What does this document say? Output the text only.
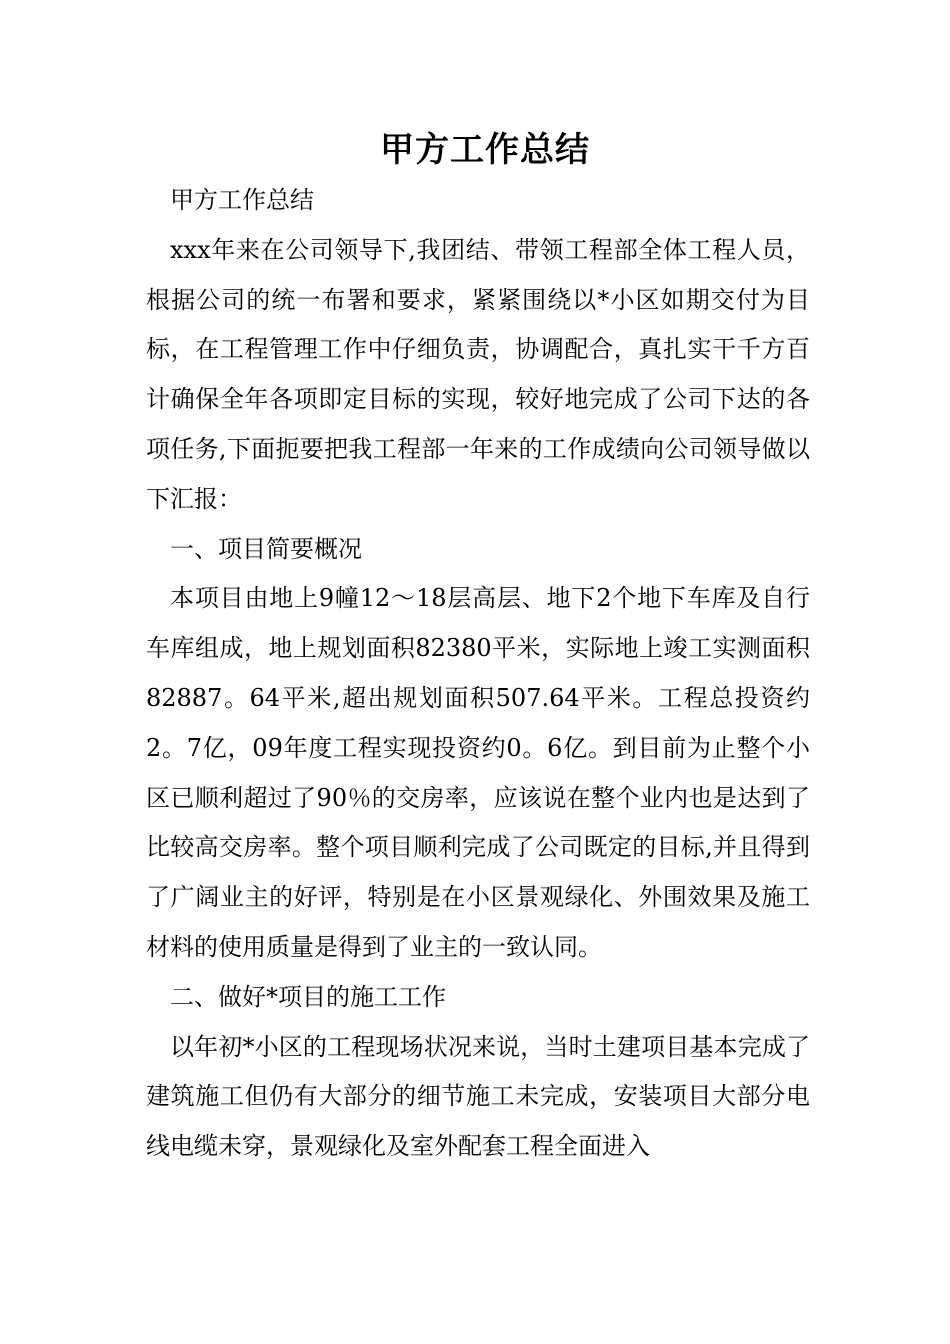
甲方工作总结

甲方工作总结

xxx年来在公司领导下,我团结、带领工程部全体工程人员，根据公司的统一布署和要求，紧紧围绕以*小区如期交付为目标，在工程管理工作中仔细负责，协调配合，真扎实干千方百计确保全年各项即定目标的实现，较好地完成了公司下达的各项任务,下面扼要把我工程部一年来的工作成绩向公司领导做以下汇报：

一、项目简要概况

本项目由地上9幢12～18层高层、地下2个地下车库及自行车库组成，地上规划面积82380平米，实际地上竣工实测面积82887。64平米,超出规划面积507.64平米。工程总投资约2。7亿，09年度工程实现投资约0。6亿。到目前为止整个小区已顺利超过了90％的交房率，应该说在整个业内也是达到了比较高交房率。整个项目顺利完成了公司既定的目标,并且得到了广阔业主的好评，特别是在小区景观绿化、外围效果及施工材料的使用质量是得到了业主的一致认同。

二、做好*项目的施工工作

以年初*小区的工程现场状况来说，当时土建项目基本完成了建筑施工但仍有大部分的细节施工未完成，安装项目大部分电线电缆未穿，景观绿化及室外配套工程全面进入
